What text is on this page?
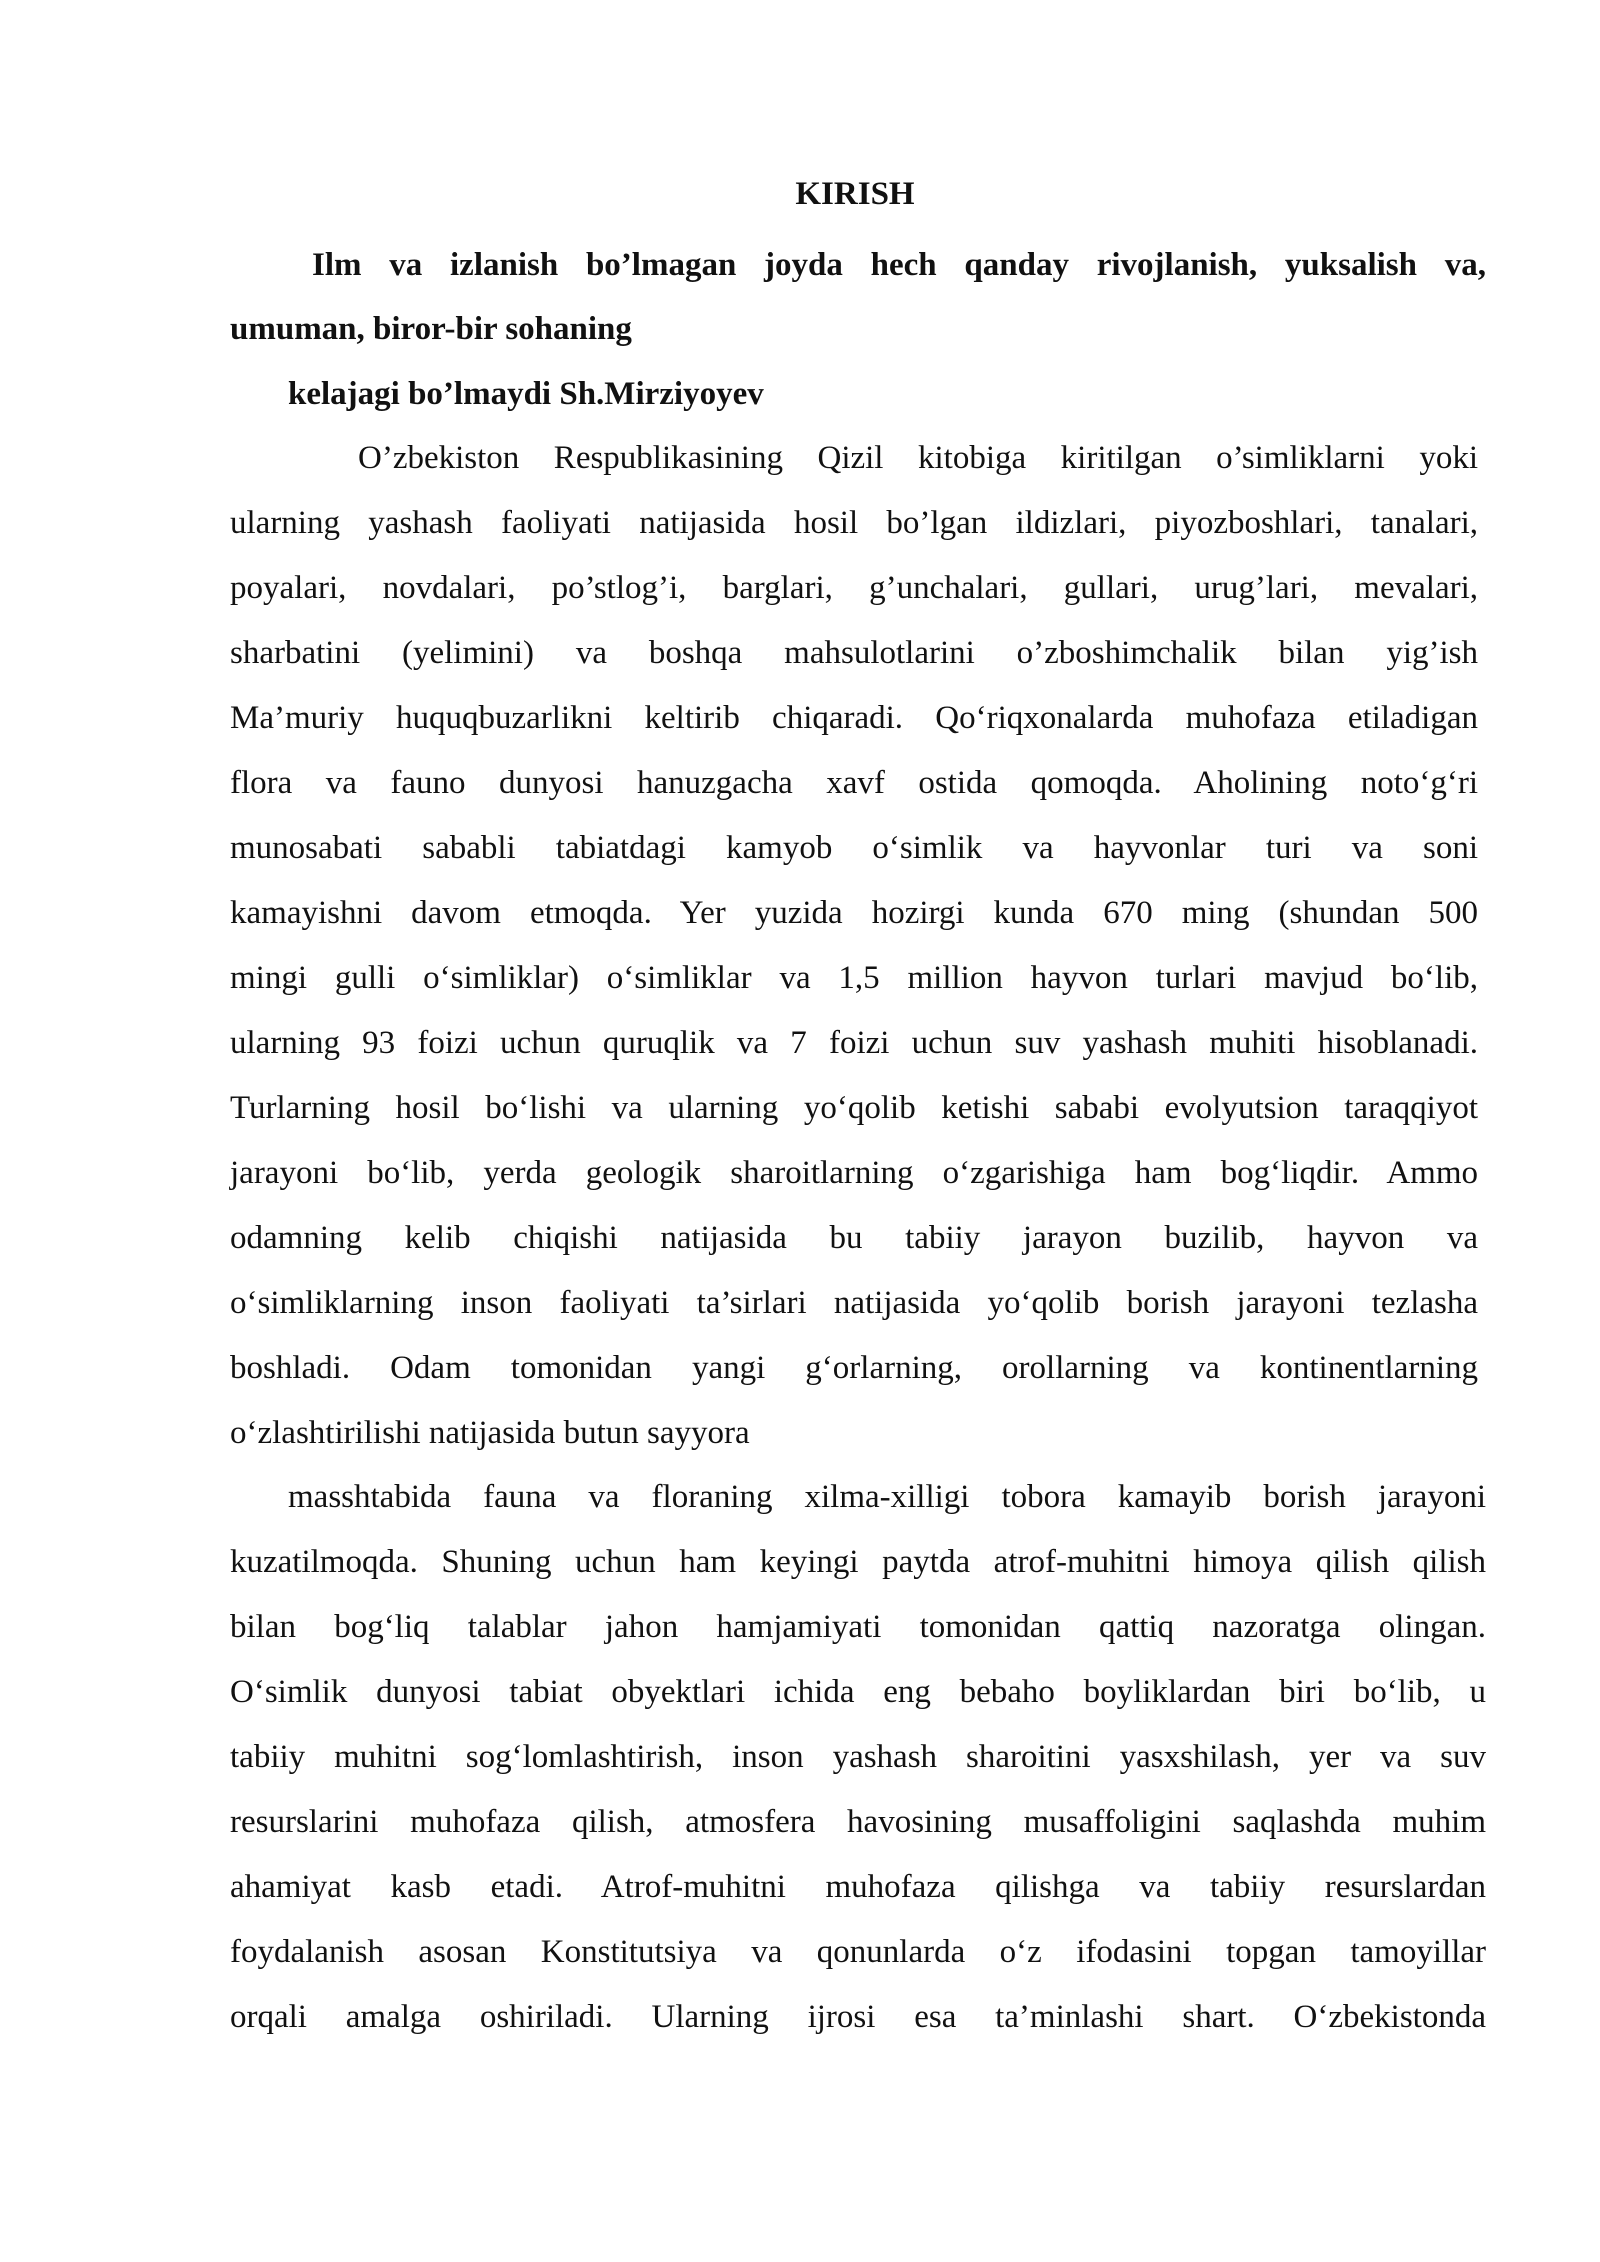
KIRISH

Ilm va izlanish bo’lmagan joyda hech qanday rivojlanish, yuksalish va,

umuman, biror-bir sohaning

kelajagi bo’lmaydi Sh.Mirziyoyev

O’zbekiston Respublikasining Qizil kitobiga kiritilgan o’simliklarni yoki

ularning yashash faoliyati natijasida hosil bo’lgan ildizlari, piyozboshlari, tanalari,

poyalari, novdalari, po’stlog’i, barglari, g’unchalari, gullari, urug’lari, mevalari,

sharbatini (yelimini) va boshqa mahsulotlarini o’zboshimchalik bilan yig’ish

Ma’muriy huquqbuzarlikni keltirib chiqaradi. Qo‘riqxonalarda muhofaza etiladigan

flora va fauno dunyosi hanuzgacha xavf ostida qomoqda. Aholining noto‘g‘ri

munosabati sababli tabiatdagi kamyob o‘simlik va hayvonlar turi va soni

kamayishni davom etmoqda. Yer yuzida hozirgi kunda 670 ming (shundan 500

mingi gulli o‘simliklar) o‘simliklar va 1,5 million hayvon turlari mavjud bo‘lib,

ularning 93 foizi uchun quruqlik va 7 foizi uchun suv yashash muhiti hisoblanadi.

Turlarning hosil bo‘lishi va ularning yo‘qolib ketishi sababi evolyutsion taraqqiyot

jarayoni bo‘lib, yerda geologik sharoitlarning o‘zgarishiga ham bog‘liqdir. Ammo

odamning kelib chiqishi natijasida bu tabiiy jarayon buzilib, hayvon va

o‘simliklarning inson faoliyati ta’sirlari natijasida yo‘qolib borish jarayoni tezlasha

boshladi. Odam tomonidan yangi g‘orlarning, orollarning va kontinentlarning

o‘zlashtirilishi natijasida butun sayyora

masshtabida fauna va floraning xilma-xilligi tobora kamayib borish jarayoni

kuzatilmoqda. Shuning uchun ham keyingi paytda atrof-muhitni himoya qilish qilish

bilan bog‘liq talablar jahon hamjamiyati tomonidan qattiq nazoratga olingan.

O‘simlik dunyosi tabiat obyektlari ichida eng bebaho boyliklardan biri bo‘lib, u

tabiiy muhitni sog‘lomlashtirish, inson yashash sharoitini yasxshilash, yer va suv

resurslarini muhofaza qilish, atmosfera havosining musaffoligini saqlashda muhim

ahamiyat kasb etadi. Atrof-muhitni muhofaza qilishga va tabiiy resurslardan

foydalanish asosan Konstitutsiya va qonunlarda o‘z ifodasini topgan tamoyillar

orqali amalga oshiriladi. Ularning ijrosi esa ta’minlashi shart. O‘zbekistonda
